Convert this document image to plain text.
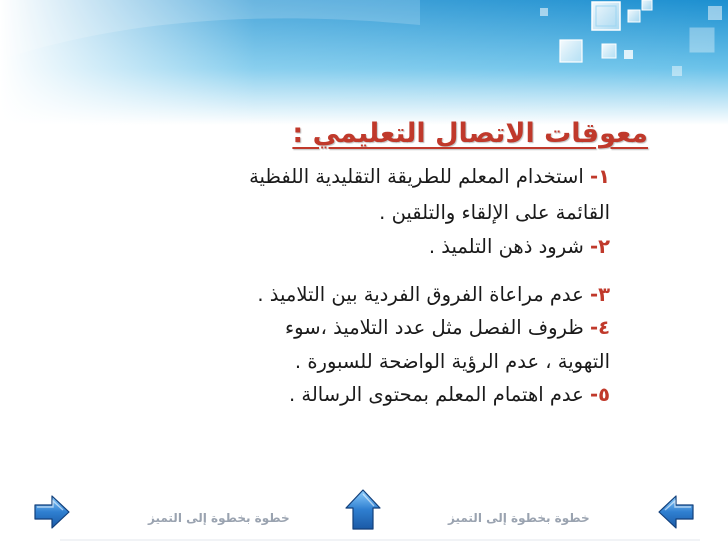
معوقات الاتصال التعليمي :
١- استخدام المعلم للطريقة التقليدية اللفظية
القائمة على الإلقاء والتلقين .
٢- شرود ذهن التلميذ .
٣- عدم مراعاة الفروق الفردية بين التلاميذ .
٤- ظروف الفصل مثل عدد التلاميذ ،سوء
التهوية ، عدم الرؤية الواضحة للسبورة .
٥- عدم اهتمام المعلم بمحتوى الرسالة .
خطوة بخطوة إلى التميز	خطوة بخطوة إلى التميز
